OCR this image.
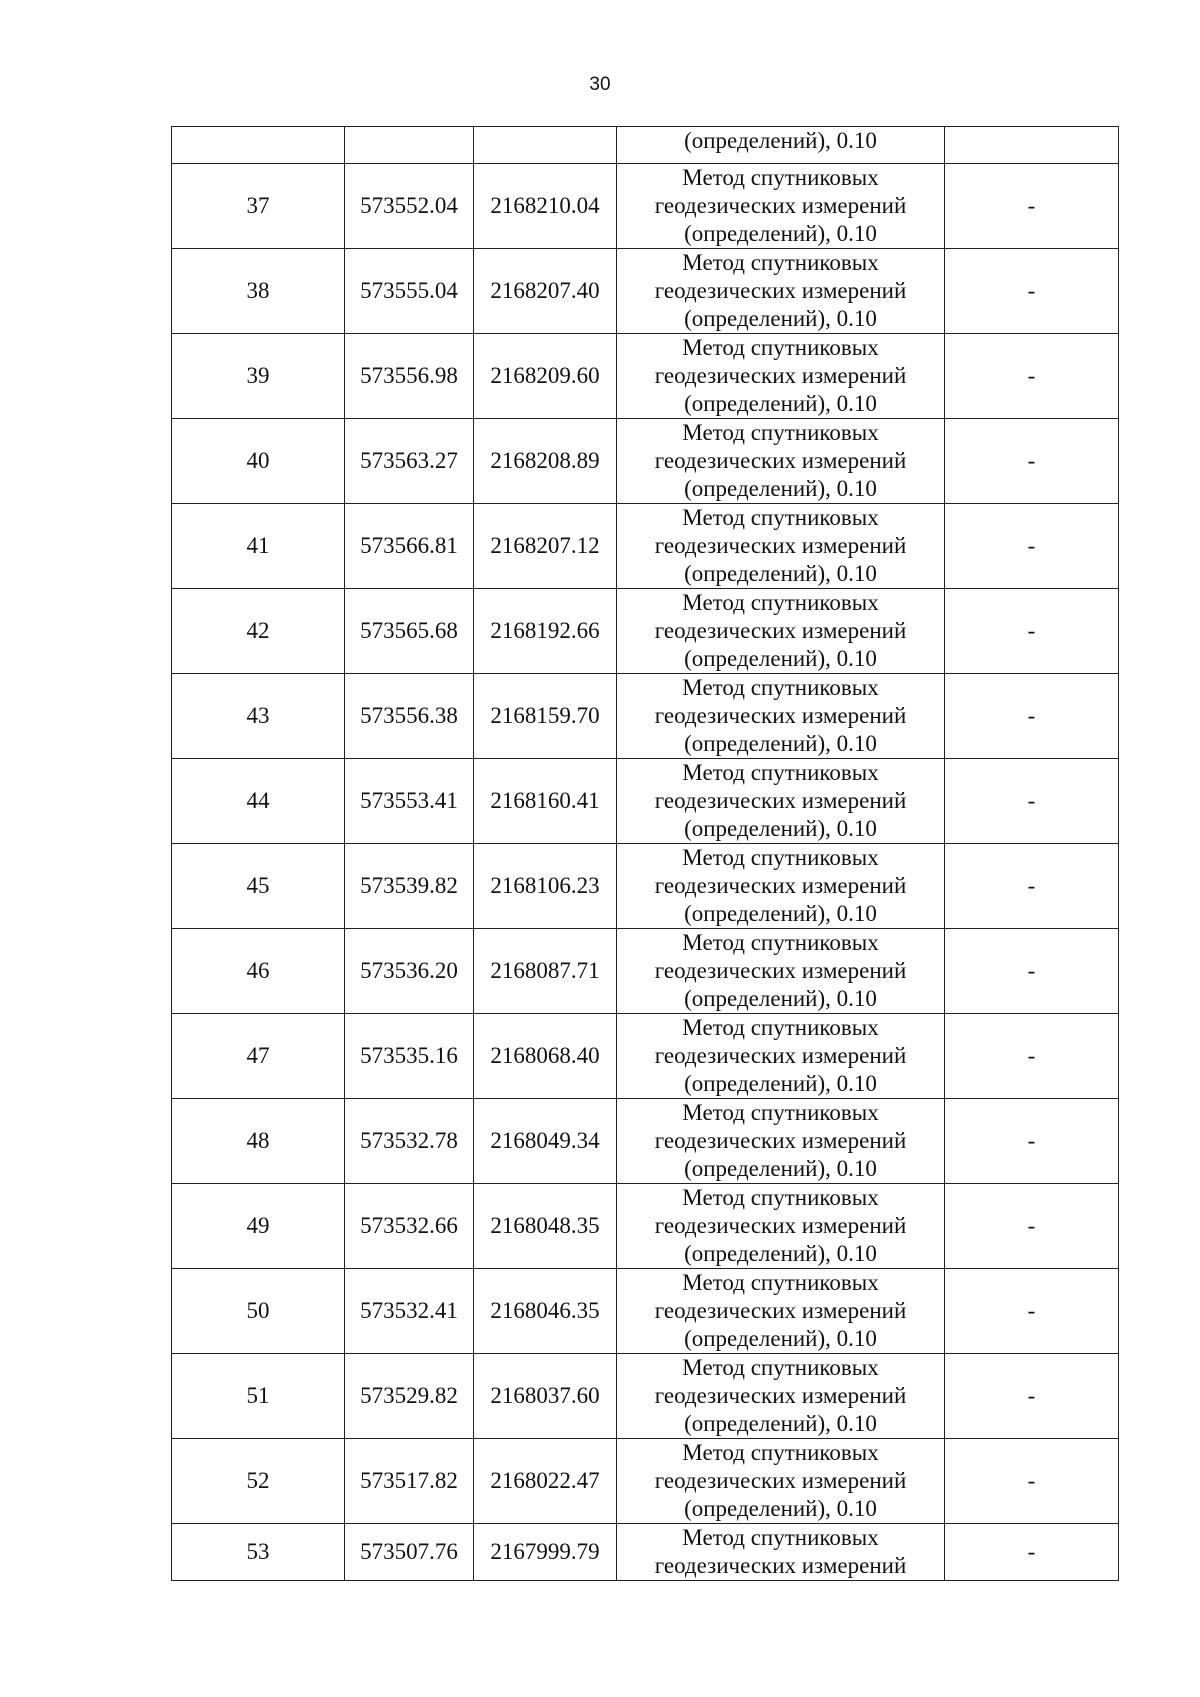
30
			(определений), 0.10	
37	573552.04	2168210.04	Метод спутниковых
геодезических измерений
(определений), 0.10	-
38	573555.04	2168207.40	Метод спутниковых
геодезических измерений
(определений), 0.10	-
39	573556.98	2168209.60	Метод спутниковых
геодезических измерений
(определений), 0.10	-
40	573563.27	2168208.89	Метод спутниковых
геодезических измерений
(определений), 0.10	-
41	573566.81	2168207.12	Метод спутниковых
геодезических измерений
(определений), 0.10	-
42	573565.68	2168192.66	Метод спутниковых
геодезических измерений
(определений), 0.10	-
43	573556.38	2168159.70	Метод спутниковых
геодезических измерений
(определений), 0.10	-
44	573553.41	2168160.41	Метод спутниковых
геодезических измерений
(определений), 0.10	-
45	573539.82	2168106.23	Метод спутниковых
геодезических измерений
(определений), 0.10	-
46	573536.20	2168087.71	Метод спутниковых
геодезических измерений
(определений), 0.10	-
47	573535.16	2168068.40	Метод спутниковых
геодезических измерений
(определений), 0.10	-
48	573532.78	2168049.34	Метод спутниковых
геодезических измерений
(определений), 0.10	-
49	573532.66	2168048.35	Метод спутниковых
геодезических измерений
(определений), 0.10	-
50	573532.41	2168046.35	Метод спутниковых
геодезических измерений
(определений), 0.10	-
51	573529.82	2168037.60	Метод спутниковых
геодезических измерений
(определений), 0.10	-
52	573517.82	2168022.47	Метод спутниковых
геодезических измерений
(определений), 0.10	-
53	573507.76	2167999.79	Метод спутниковых
геодезических измерений	-
